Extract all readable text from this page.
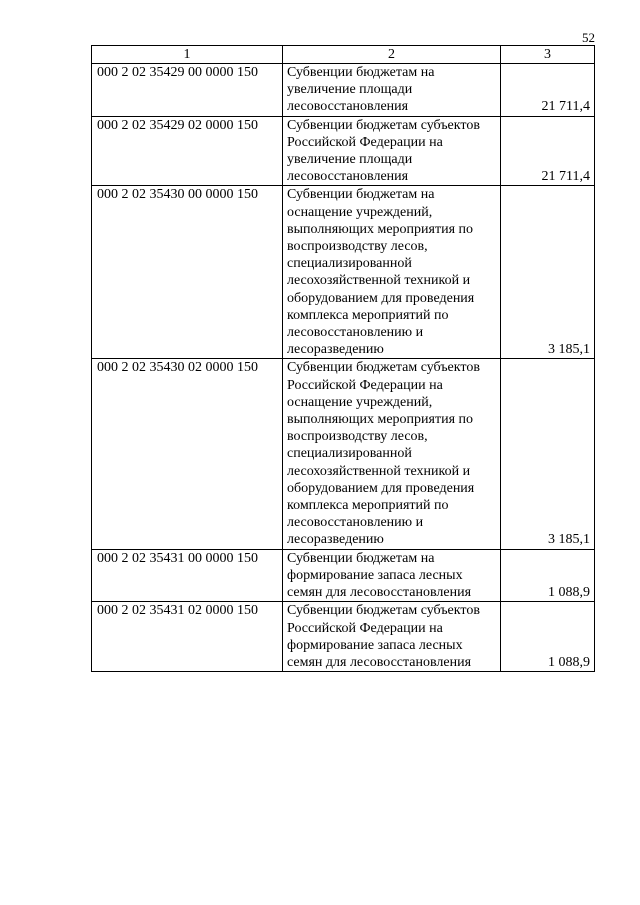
52
1	2	3
000 2 02 35429 00 0000 150	Субвенции бюджетам на увеличение площади лесовосстановления	21 711,4
000 2 02 35429 02 0000 150	Субвенции бюджетам субъектов Российской Федерации на увеличение площади лесовосстановления	21 711,4
000 2 02 35430 00 0000 150	Субвенции бюджетам на оснащение учреждений, выполняющих мероприятия по воспроизводству лесов, специализированной лесохозяйственной техникой и оборудованием для проведения комплекса мероприятий по лесовосстановлению и лесоразведению	3 185,1
000 2 02 35430 02 0000 150	Субвенции бюджетам субъектов Российской Федерации на оснащение учреждений, выполняющих мероприятия по воспроизводству лесов, специализированной лесохозяйственной техникой и оборудованием для проведения комплекса мероприятий по лесовосстановлению и лесоразведению	3 185,1
000 2 02 35431 00 0000 150	Субвенции бюджетам на формирование запаса лесных семян для лесовосстановления	1 088,9
000 2 02 35431 02 0000 150	Субвенции бюджетам субъектов Российской Федерации на формирование запаса лесных семян для лесовосстановления	1 088,9
